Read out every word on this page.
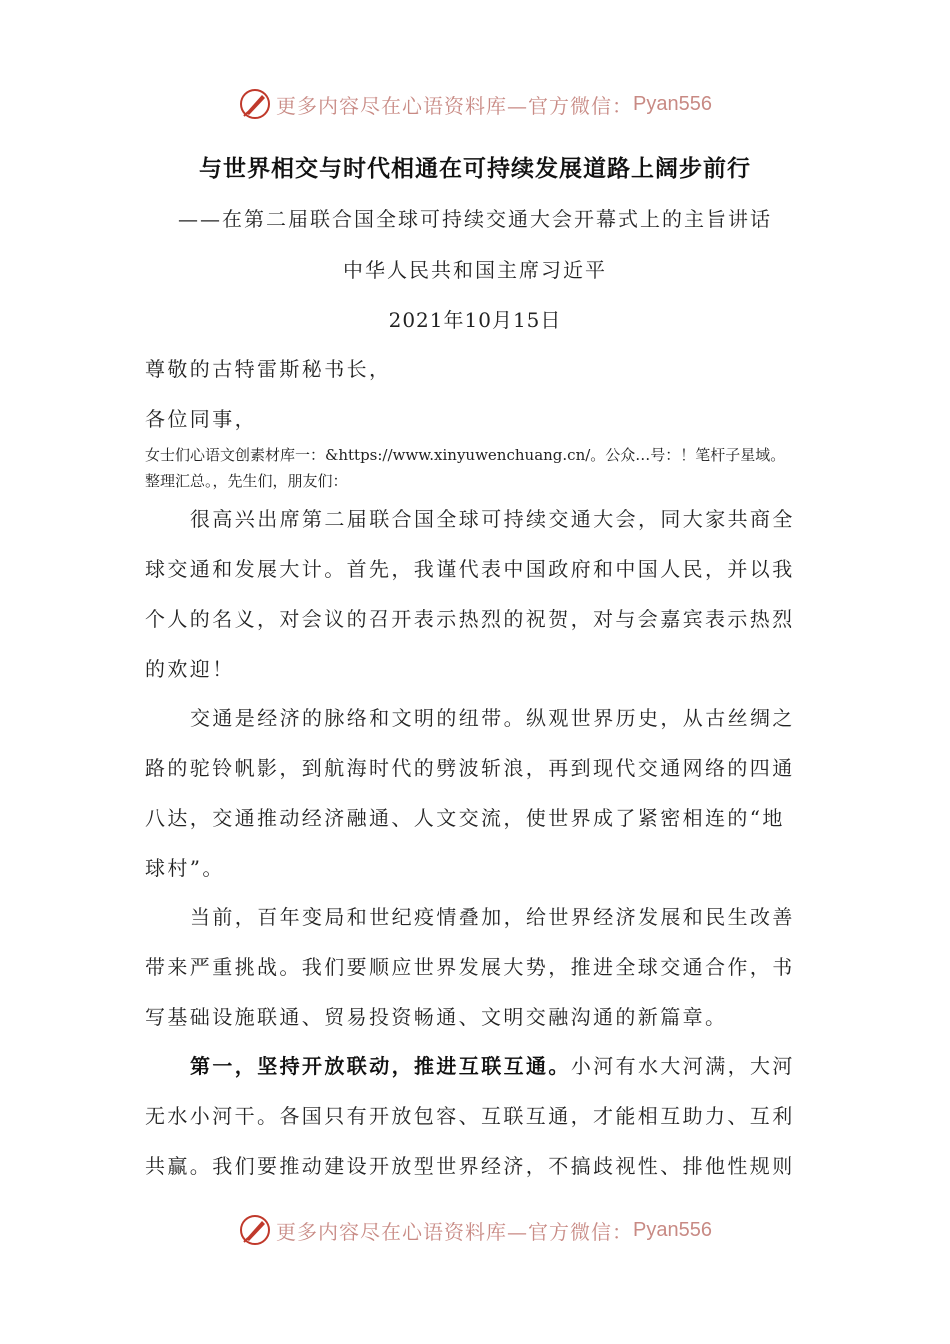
更多内容尽在心语资料库—官方微信： Pyan556
与世界相交与时代相通在可持续发展道路上阔步前行
——在第二届联合国全球可持续交通大会开幕式上的主旨讲话
中华人民共和国主席习近平
2021年10月15日
尊敬的古特雷斯秘书长，
各位同事，
女士们心语文创素材库一：&https://www.xinyuwenchuang.cn/。公众…号：！笔杆子星域。
整理汇总。，先生们，朋友们：
很高兴出席第二届联合国全球可持续交通大会，同大家共商全
球交通和发展大计。首先，我谨代表中国政府和中国人民，并以我
个人的名义，对会议的召开表示热烈的祝贺，对与会嘉宾表示热烈
的欢迎！
交通是经济的脉络和文明的纽带。纵观世界历史，从古丝绸之
路的驼铃帆影，到航海时代的劈波斩浪，再到现代交通网络的四通
八达，交通推动经济融通、人文交流，使世界成了紧密相连的“地
球村”。
当前，百年变局和世纪疫情叠加，给世界经济发展和民生改善
带来严重挑战。我们要顺应世界发展大势，推进全球交通合作，书
写基础设施联通、贸易投资畅通、文明交融沟通的新篇章。
第一，坚持开放联动，推进互联互通。小河有水大河满，大河
无水小河干。各国只有开放包容、互联互通，才能相互助力、互利
共赢。我们要推动建设开放型世界经济，不搞歧视性、排他性规则
更多内容尽在心语资料库—官方微信： Pyan556
